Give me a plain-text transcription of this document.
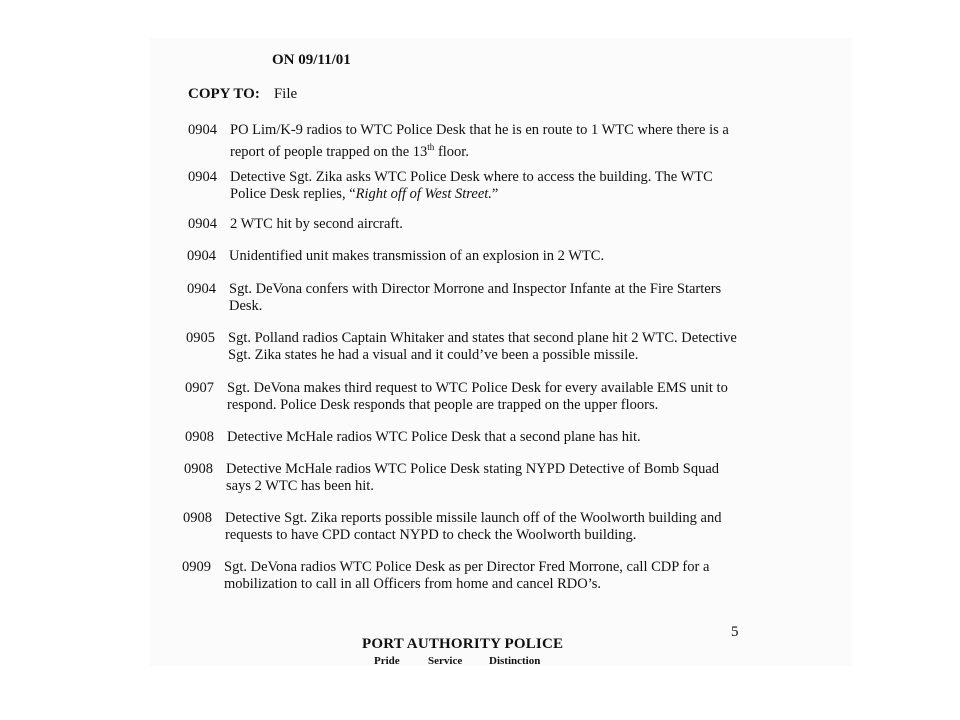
ON 09/11/01
COPY TO: File
0904 PO Lim/K-9 radios to WTC Police Desk that he is en route to 1 WTC where there is a
report of people trapped on the 13th floor.
0904 Detective Sgt. Zika asks WTC Police Desk where to access the building. The WTC
Police Desk replies, “Right off of West Street.”
0904 2 WTC hit by second aircraft.
0904 Unidentified unit makes transmission of an explosion in 2 WTC.
0904 Sgt. DeVona confers with Director Morrone and Inspector Infante at the Fire Starters
Desk.
0905 Sgt. Polland radios Captain Whitaker and states that second plane hit 2 WTC. Detective
Sgt. Zika states he had a visual and it could’ve been a possible missile.
0907 Sgt. DeVona makes third request to WTC Police Desk for every available EMS unit to
respond. Police Desk responds that people are trapped on the upper floors.
0908 Detective McHale radios WTC Police Desk that a second plane has hit.
0908 Detective McHale radios WTC Police Desk stating NYPD Detective of Bomb Squad
says 2 WTC has been hit.
0908 Detective Sgt. Zika reports possible missile launch off of the Woolworth building and
requests to have CPD contact NYPD to check the Woolworth building.
0909 Sgt. DeVona radios WTC Police Desk as per Director Fred Morrone, call CDP for a
mobilization to call in all Officers from home and cancel RDO’s.
5
PORT AUTHORITY POLICE
Pride	Service Distinction
